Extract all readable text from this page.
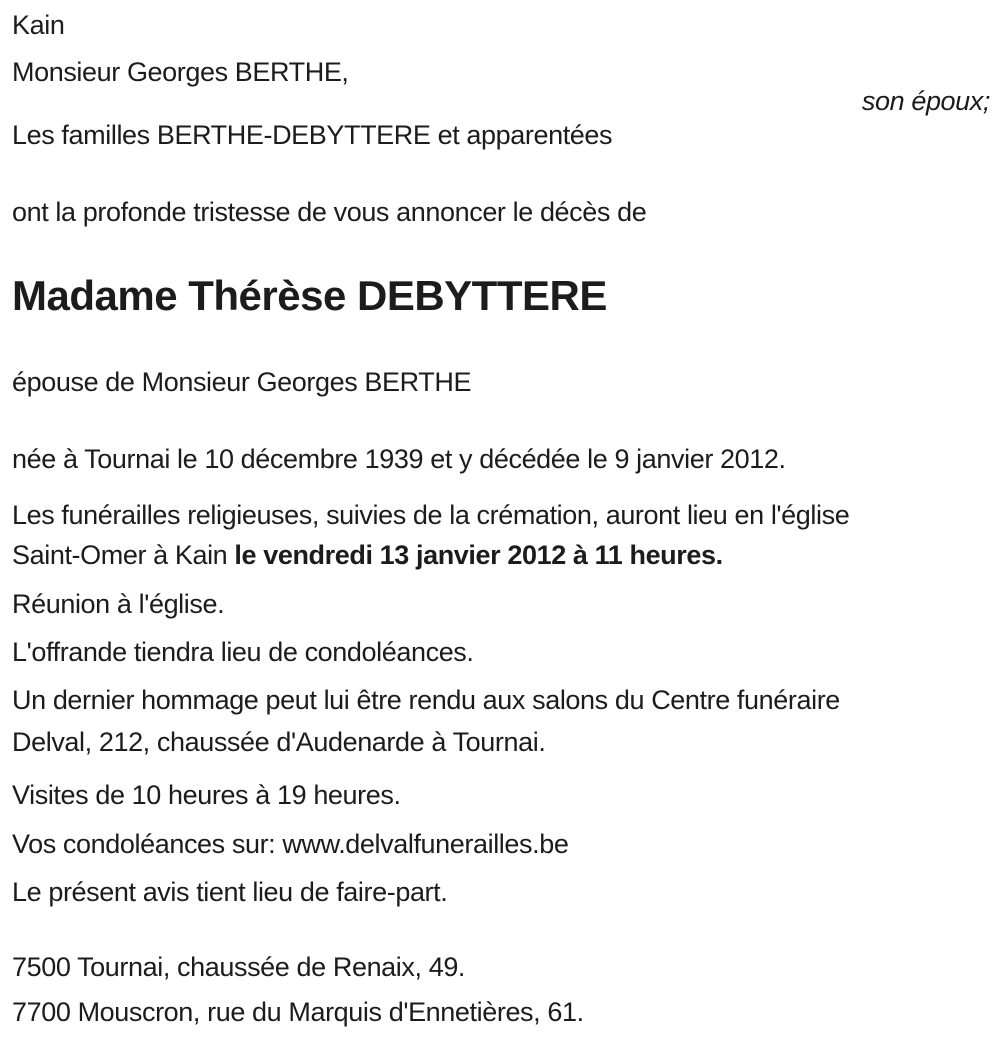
Kain
Monsieur Georges BERTHE,
son époux;
Les familles BERTHE-DEBYTTERE et apparentées
ont la profonde tristesse de vous annoncer le décès de
Madame Thérèse DEBYTTERE
épouse de Monsieur Georges BERTHE
née à Tournai le 10 décembre 1939 et y décédée le 9 janvier 2012.
Les funérailles religieuses, suivies de la crémation, auront lieu en l'église
Saint-Omer à Kain le vendredi 13 janvier 2012 à 11 heures.
Réunion à l'église.
L'offrande tiendra lieu de condoléances.
Un dernier hommage peut lui être rendu aux salons du Centre funéraire
Delval, 212, chaussée d'Audenarde à Tournai.
Visites de 10 heures à 19 heures.
Vos condoléances sur: www.delvalfunerailles.be
Le présent avis tient lieu de faire-part.
7500 Tournai, chaussée de Renaix, 49.
7700 Mouscron, rue du Marquis d'Ennetières, 61.
